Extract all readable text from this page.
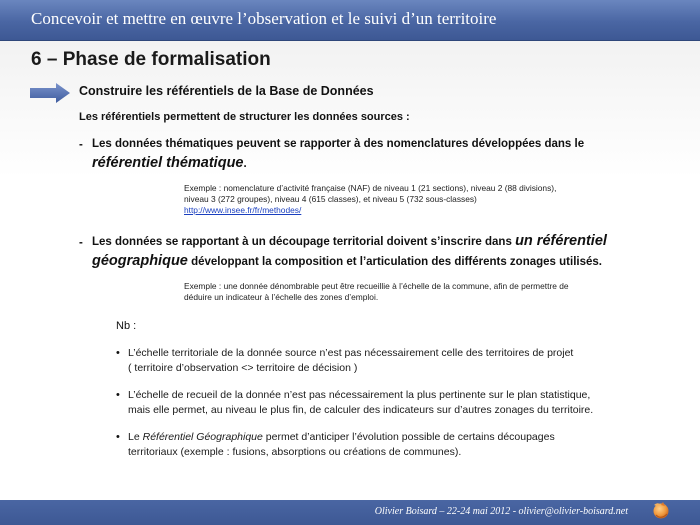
Concevoir et mettre en œuvre l’observation et le suivi d’un territoire
6 – Phase de formalisation
Construire les référentiels de la Base de Données
Les référentiels permettent de structurer les données sources :
- Les données thématiques peuvent se rapporter à des nomenclatures développées dans le
référentiel thématique.
Exemple : nomenclature d’activité française (NAF) de niveau 1 (21 sections), niveau 2 (88 divisions),
niveau 3 (272 groupes), niveau 4 (615 classes), et niveau 5 (732 sous-classes)
http://www.insee.fr/fr/methodes/
- Les données se rapportant à un découpage territorial doivent s’inscrire dans un référentiel géographique développant la composition et l’articulation des différents zonages utilisés.
Exemple : une donnée dénombrable peut être recueillie à l’échelle de la commune, afin de permettre de
déduire un indicateur à l’échelle des zones d’emploi.
Nb :
• L’échelle territoriale de la donnée source n’est pas nécessairement celle des territoires de projet
( territoire d’observation <> territoire de décision )
• L’échelle de recueil de la donnée n’est pas nécessairement la plus pertinente sur le plan statistique,
mais elle permet, au niveau le plus fin, de calculer des indicateurs sur d’autres zonages du territoire.
• Le Référentiel Géographique permet d’anticiper l’évolution possible de certains découpages
territoriaux (exemple : fusions, absorptions ou créations de communes).
Olivier Boisard – 22-24 mai 2012 - olivier@olivier-boisard.net
